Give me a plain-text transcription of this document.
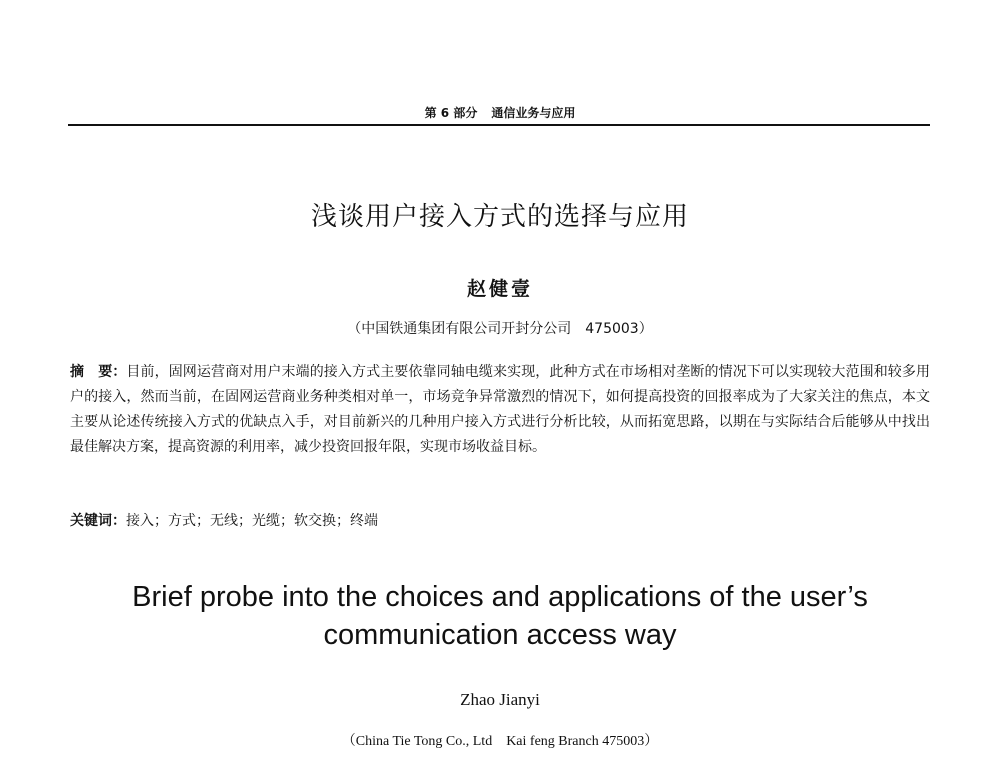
第 6 部分 通信业务与应用
浅谈用户接入方式的选择与应用
赵健壹
（中国铁通集团有限公司开封分公司　475003）
摘　要：目前，固网运营商对用户末端的接入方式主要依靠同轴电缆来实现，此种方式在市场相对垄断的情况下可以实现较大范围和较多用户的接入，然而当前，在固网运营商业务种类相对单一，市场竞争异常激烈的情况下，如何提高投资的回报率成为了大家关注的焦点，本文主要从论述传统接入方式的优缺点入手，对目前新兴的几种用户接入方式进行分析比较，从而拓宽思路，以期在与实际结合后能够从中找出最佳解决方案，提高资源的利用率，减少投资回报年限，实现市场收益目标。
关键词：接入；方式；无线；光缆；软交换；终端
Brief probe into the choices and applications of the user’s communication access way
Zhao Jianyi
（China Tie Tong Co., Ltd　Kai feng Branch 475003）
